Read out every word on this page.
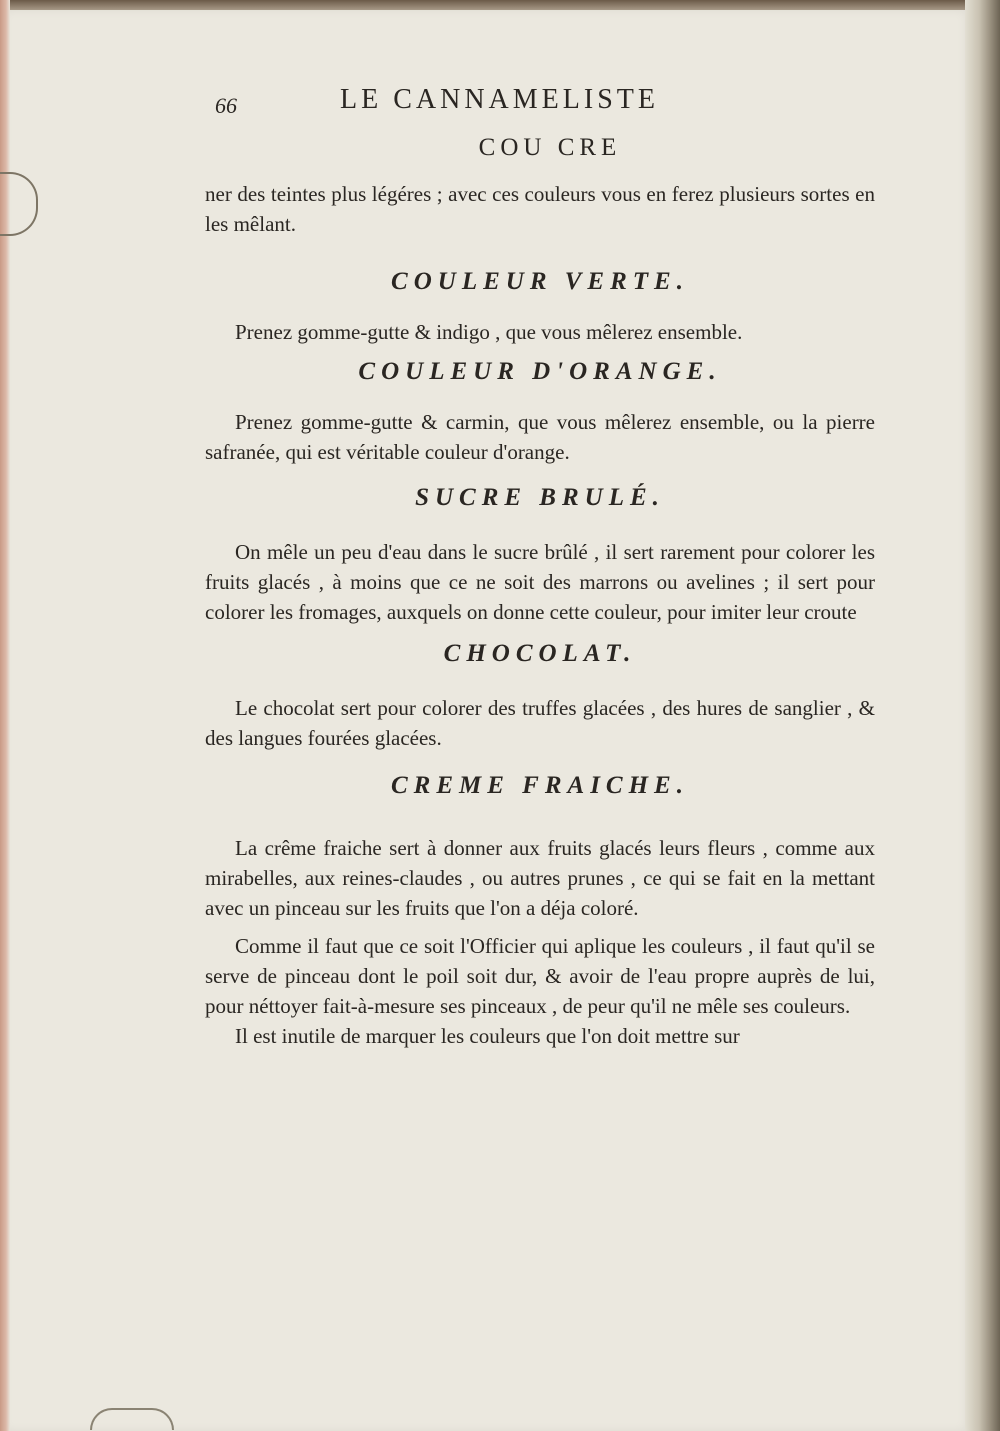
66	LE CANNAMELISTE
COU CRE

ner des teintes plus légéres ; avec ces couleurs vous en ferez plusieurs sortes en les mêlant.

COULEUR VERTE.

Prenez gomme-gutte & indigo , que vous mêlerez ensemble.

COULEUR D'ORANGE.

Prenez gomme-gutte & carmin, que vous mêlerez ensemble, ou la pierre safranée, qui est véritable couleur d'orange.

SUCRE BRULÉ.

On mêle un peu d'eau dans le sucre brûlé , il sert rarement pour colorer les fruits glacés , à moins que ce ne soit des marrons ou avelines ; il sert pour colorer les fromages, auxquels on donne cette couleur, pour imiter leur croute

CHOCOLAT.

Le chocolat sert pour colorer des truffes glacées , des hures de sanglier , & des langues fourées glacées.

CREME FRAICHE.

La crême fraiche sert à donner aux fruits glacés leurs fleurs , comme aux mirabelles, aux reines-claudes , ou autres prunes , ce qui se fait en la mettant avec un pinceau sur les fruits que l'on a déja coloré.

Comme il faut que ce soit l'Officier qui aplique les couleurs , il faut qu'il se serve de pinceau dont le poil soit dur, & avoir de l'eau propre auprès de lui, pour néttoyer fait-à-mesure ses pinceaux , de peur qu'il ne mêle ses couleurs.

Il est inutile de marquer les couleurs que l'on doit mettre sur
